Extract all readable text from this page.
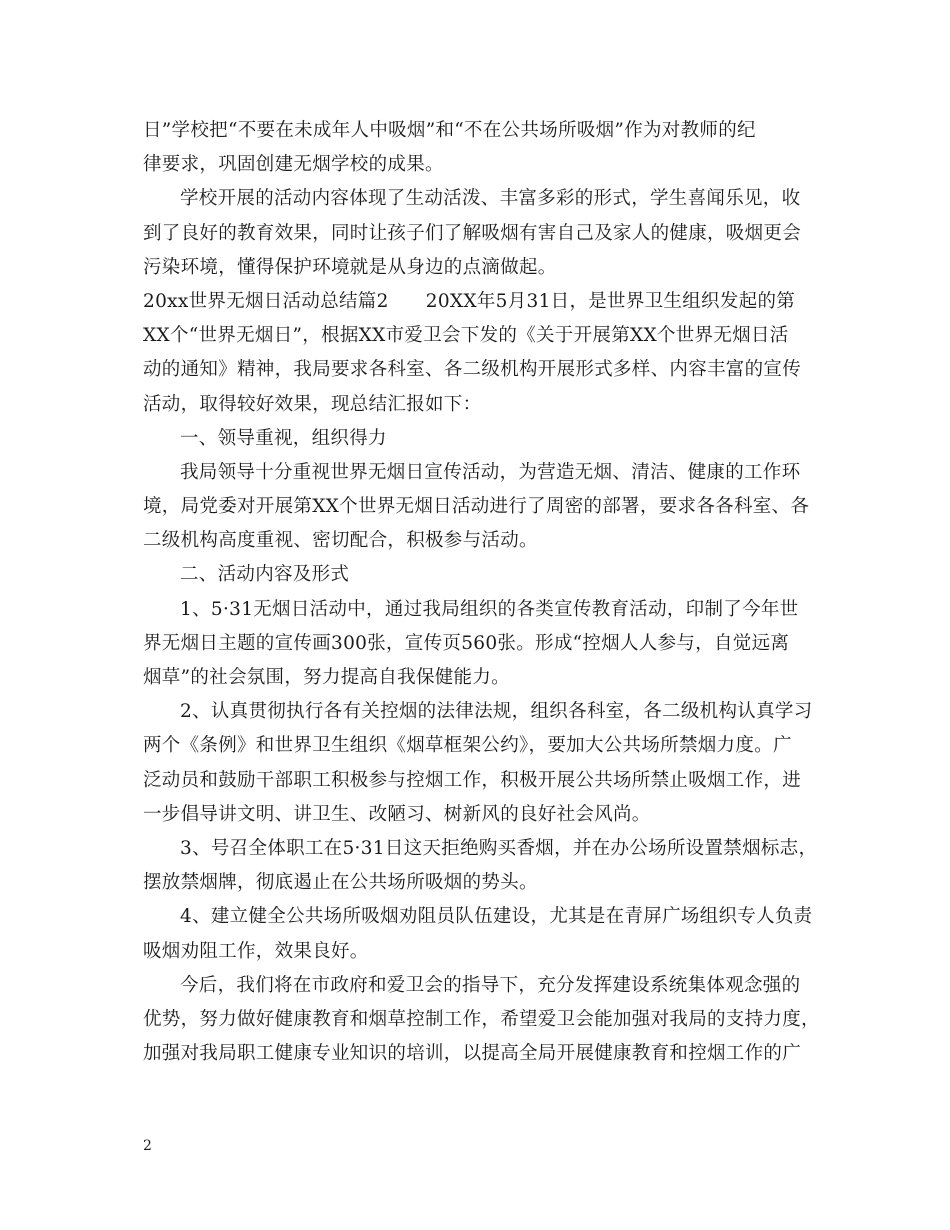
日”学校把“不要在未成年人中吸烟”和“不在公共场所吸烟”作为对教师的纪
律要求，巩固创建无烟学校的成果。
学校开展的活动内容体现了生动活泼、丰富多彩的形式，学生喜闻乐见，收
到了良好的教育效果，同时让孩子们了解吸烟有害自己及家人的健康，吸烟更会
污染环境，懂得保护环境就是从身边的点滴做起。
20xx世界无烟日活动总结篇2      20XX年5月31日，是世界卫生组织发起的第
XX个“世界无烟日”，根据XX市爱卫会下发的《关于开展第XX个世界无烟日活
动的通知》精神，我局要求各科室、各二级机构开展形式多样、内容丰富的宣传
活动，取得较好效果，现总结汇报如下：
一、领导重视，组织得力
我局领导十分重视世界无烟日宣传活动，为营造无烟、清洁、健康的工作环
境，局党委对开展第XX个世界无烟日活动进行了周密的部署，要求各各科室、各
二级机构高度重视、密切配合，积极参与活动。
二、活动内容及形式
1、5·31无烟日活动中，通过我局组织的各类宣传教育活动，印制了今年世
界无烟日主题的宣传画300张，宣传页560张。形成“控烟人人参与，自觉远离
烟草”的社会氛围，努力提高自我保健能力。
2、认真贯彻执行各有关控烟的法律法规，组织各科室，各二级机构认真学习
两个《条例》和世界卫生组织《烟草框架公约》，要加大公共场所禁烟力度。广
泛动员和鼓励干部职工积极参与控烟工作，积极开展公共场所禁止吸烟工作，进
一步倡导讲文明、讲卫生、改陋习、树新风的良好社会风尚。
3、号召全体职工在5·31日这天拒绝购买香烟，并在办公场所设置禁烟标志，
摆放禁烟牌，彻底遏止在公共场所吸烟的势头。
4、建立健全公共场所吸烟劝阻员队伍建设，尤其是在青屏广场组织专人负责
吸烟劝阻工作，效果良好。
今后，我们将在市政府和爱卫会的指导下，充分发挥建设系统集体观念强的
优势，努力做好健康教育和烟草控制工作，希望爱卫会能加强对我局的支持力度，
加强对我局职工健康专业知识的培训，以提高全局开展健康教育和控烟工作的广
2
